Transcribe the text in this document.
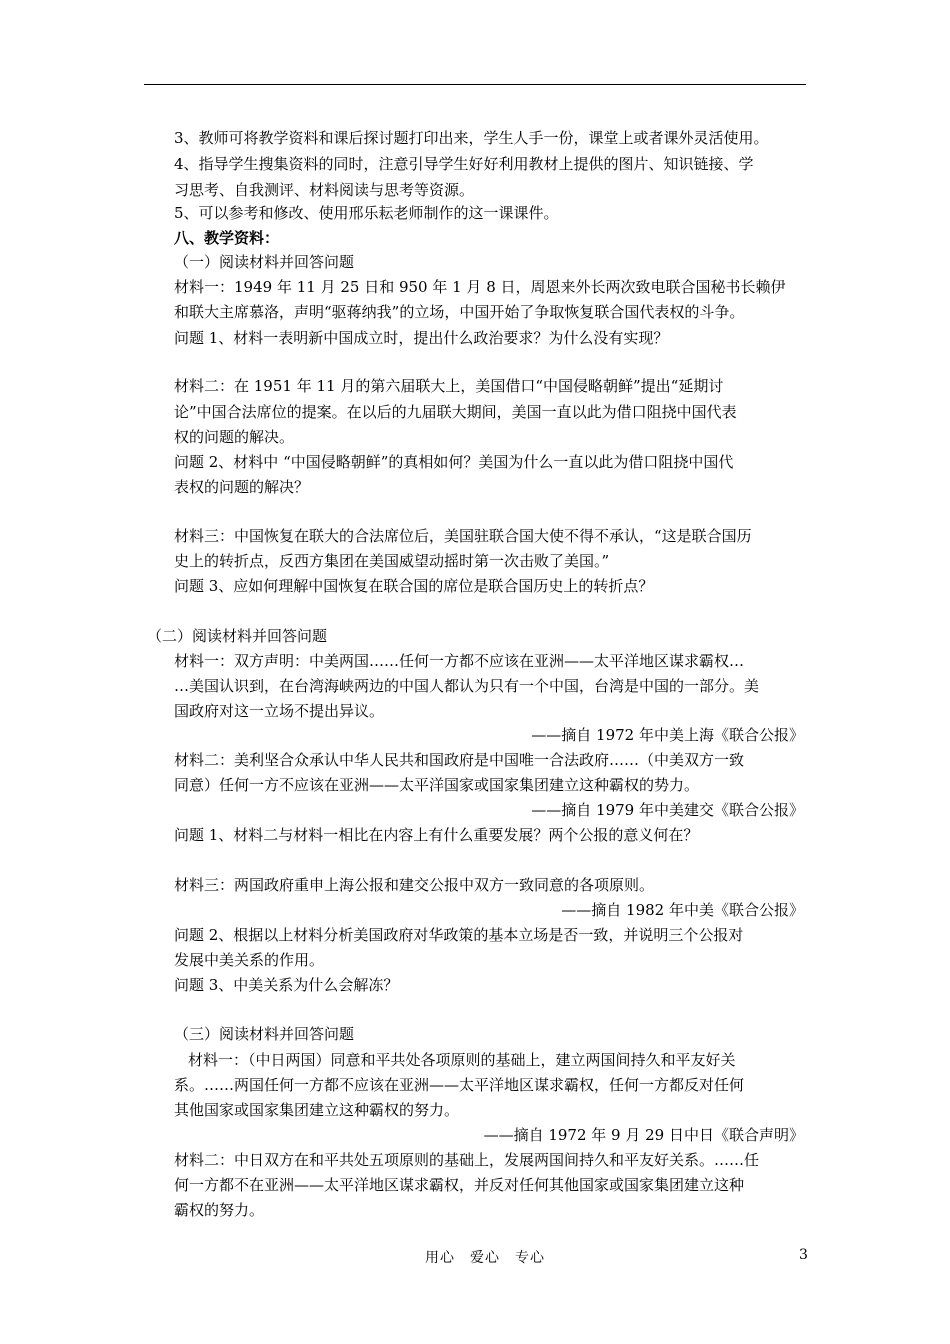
3、教师可将教学资料和课后探讨题打印出来，学生人手一份，课堂上或者课外灵活使用。
4、指导学生搜集资料的同时，注意引导学生好好利用教材上提供的图片、知识链接、学
习思考、自我测评、材料阅读与思考等资源。
5、可以参考和修改、使用邢乐耘老师制作的这一课课件。
八、教学资料：
（一）阅读材料并回答问题
材料一：1949 年 11 月 25 日和 950 年 1 月 8 日，周恩来外长两次致电联合国秘书长赖伊
和联大主席慕洛，声明“驱蒋纳我”的立场，中国开始了争取恢复联合国代表权的斗争。
问题 1、材料一表明新中国成立时，提出什么政治要求？为什么没有实现？
材料二：在 1951 年 11 月的第六届联大上，美国借口“中国侵略朝鲜”提出“延期讨
论”中国合法席位的提案。在以后的九届联大期间，美国一直以此为借口阻挠中国代表
权的问题的解决。
问题 2、材料中 “中国侵略朝鲜”的真相如何？美国为什么一直以此为借口阻挠中国代
表权的问题的解决？
材料三：中国恢复在联大的合法席位后，美国驻联合国大使不得不承认，“这是联合国历
史上的转折点，反西方集团在美国威望动摇时第一次击败了美国。”
问题 3、应如何理解中国恢复在联合国的席位是联合国历史上的转折点？
（二）阅读材料并回答问题
材料一：双方声明：中美两国……任何一方都不应该在亚洲——太平洋地区谋求霸权…
…美国认识到，在台湾海峡两边的中国人都认为只有一个中国，台湾是中国的一部分。美
国政府对这一立场不提出异议。
——摘自 1972 年中美上海《联合公报》
材料二：美利坚合众承认中华人民共和国政府是中国唯一合法政府……（中美双方一致
同意）任何一方不应该在亚洲——太平洋国家或国家集团建立这种霸权的势力。
——摘自 1979 年中美建交《联合公报》
问题 1、材料二与材料一相比在内容上有什么重要发展？两个公报的意义何在？
材料三：两国政府重申上海公报和建交公报中双方一致同意的各项原则。
——摘自 1982 年中美《联合公报》
问题 2、根据以上材料分析美国政府对华政策的基本立场是否一致，并说明三个公报对
发展中美关系的作用。
问题 3、中美关系为什么会解冻？
（三）阅读材料并回答问题
材料一：（中日两国）同意和平共处各项原则的基础上，建立两国间持久和平友好关
系。……两国任何一方都不应该在亚洲——太平洋地区谋求霸权，任何一方都反对任何
其他国家或国家集团建立这种霸权的努力。
——摘自 1972 年 9 月 29 日中日《联合声明》
材料二：中日双方在和平共处五项原则的基础上，发展两国间持久和平友好关系。……任
何一方都不在亚洲——太平洋地区谋求霸权，并反对任何其他国家或国家集团建立这种
霸权的努力。
用心　爱心　专心	3
